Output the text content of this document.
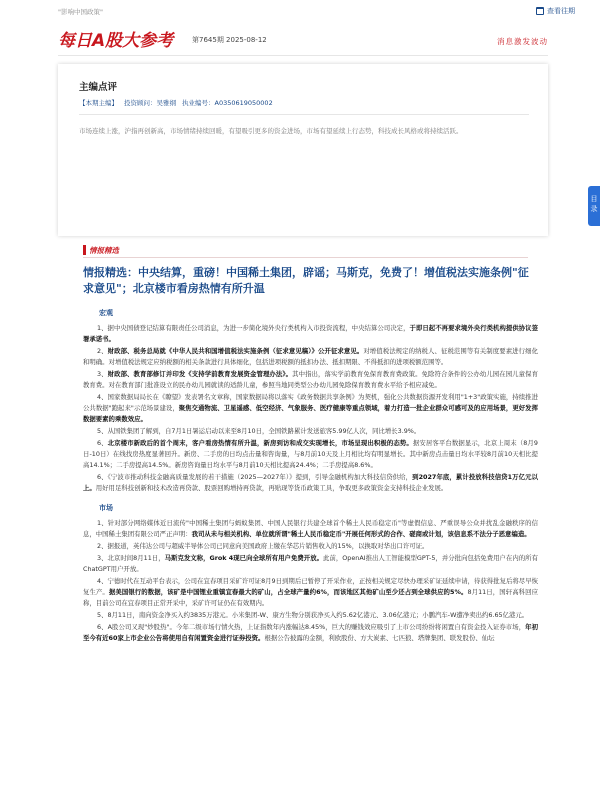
"影响中国政策"	查看往期
每日A股大参考	第7645期 2025-08-12	消息激发波动
主编点评
【本期主编】 投资顾问：吴雅纲 执业编号：A0350619050002
市场连续上涨，沪指再创新高，市场情绪持续回暖，有望吸引更多的资金进场，市场有望延续上行态势，科技成长风格或将持续活跃。
目录
情报精选
情报精选：中央结算，重磅！中国稀土集团，辟谣；马斯克，免费了！增值税法实施条例"征求意见"；北京楼市看房热情有所升温
宏观

1、据中央国债登记结算有限责任公司消息，为进一步简化境外央行类机构入市投资流程，中央结算公司决定，于即日起不再要求境外央行类机构提供协议签署承诺书。

2、财政部、税务总局就《中华人民共和国增值税法实施条例（征求意见稿）》公开征求意见。对增值税法规定的纳税人、征税范围等有关制度要素进行细化和明确。对增值税法规定应纳税额的相关条款进行具体细化，包括进项税额的抵扣办法、抵扣期限、不得抵扣的进项税额范围等。

3、财政部、教育部修订并印发《支持学前教育发展资金管理办法》。其中指出，落实学前教育免保育教育费政策。免除符合条件的公办幼儿园在园儿童保育教育费。对在教育部门批准设立的民办幼儿园就读的适龄儿童，参照当地同类型公办幼儿园免除保育教育费水平给予相应减免。

4、国家数据局局长在《瞭望》发表署名文章称，国家数据局将以落实《政务数据共享条例》为契机，强化公共数据资源开发利用"1+3"政策实施，持续推进公共数据"跑起来"示范场景建设，聚焦交通物流、卫星遥感、低空经济、气象服务、医疗健康等重点领域，着力打造一批企业群众可感可及的应用场景，更好发挥数据要素的乘数效应。

5、从国铁集团了解到，自7月1日暑运启动以来至8月10日，全国铁路累计发送旅客5.99亿人次，同比增长3.9%。

6、北京楼市新政后的首个周末，客户看房热情有所升温，新房到访和成交实现增长，市场呈现出积极的态势。据安居客平台数据显示，北京上周末（8月9日-10日）在线找房热度显著回升。新房、二手房的日均点击量和咨询量，与8月前10天及上月相比均有明显增长。其中新房点击量日均水平较8月前10天相比提高14.1%；二手房提高14.5%。新房咨询量日均水平与8月前10天相比提高24.4%；二手房提高8.6%。

6、《宁波市推动科技金融高质量发展的若干措施（2025—2027年）》提到，引导金融机构加大科技信贷供给，到2027年底，累计投放科技信贷1万亿元以上。用好用足科技创新和技术改造再贷款、股票回购增持再贷款，再贴现等货币政策工具，争取更多政策资金支持科技企业发展。

市场

1、针对部分网络媒体近日流传"中国稀土集团与蚂蚁集团、中国人民银行共建全球首个稀土人民币稳定币"等虚假信息、严重误导公众并扰乱金融秩序的信息，中国稀土集团有限公司严正声明：我司从未与相关机构、单位就所谓"稀土人民币稳定币"开展任何形式的合作、磋商或计划，该信息系不法分子恶意编造。

2、据报道，英伟达公司与超威半导体公司已同意向美国政府上缴在华芯片销售收入的15%，以换取对华出口许可证。

3、北京时间8月11日，马斯克发文称，Grok 4现已向全球所有用户免费开放。此前，OpenAI推出人工智能模型GPT-5，并分批向包括免费用户在内的所有ChatGPT用户开放。

4、宁德时代在互动平台表示，公司在宜春项目采矿许可证8月9日到期后已暂停了开采作业，正按相关规定尽快办理采矿证延续申请，待获得批复后将尽早恢复生产。据美国银行的数据，该矿是中国锂业重镇宜春最大的矿山，占全球产量约6%，而该地区其他矿山至少还占到全球供应的5%。8月11日，国轩高科回应称，目前公司在宜春项目正常开采中，采矿许可证仍在有效期内。

5、8月11日，南向资金净买入约3835万港元。小米集团-W、康方生物分别获净买入约5.62亿港元、3.06亿港元；小鹏汽车-W遭净卖出约6.65亿港元。

6、A股公司又现"炒股热"。今年二级市场行情火热，上证指数年内涨幅达8.45%，巨大的赚钱效应吸引了上市公司纷纷将闲置自有资金投入证券市场，年初至今有近60家上市企业公告将使用自有闲置资金进行证券投资。根据公告披露的金额，利欧股份、方大炭素、七匹狼、塔牌集团、联发股份、仙坛
